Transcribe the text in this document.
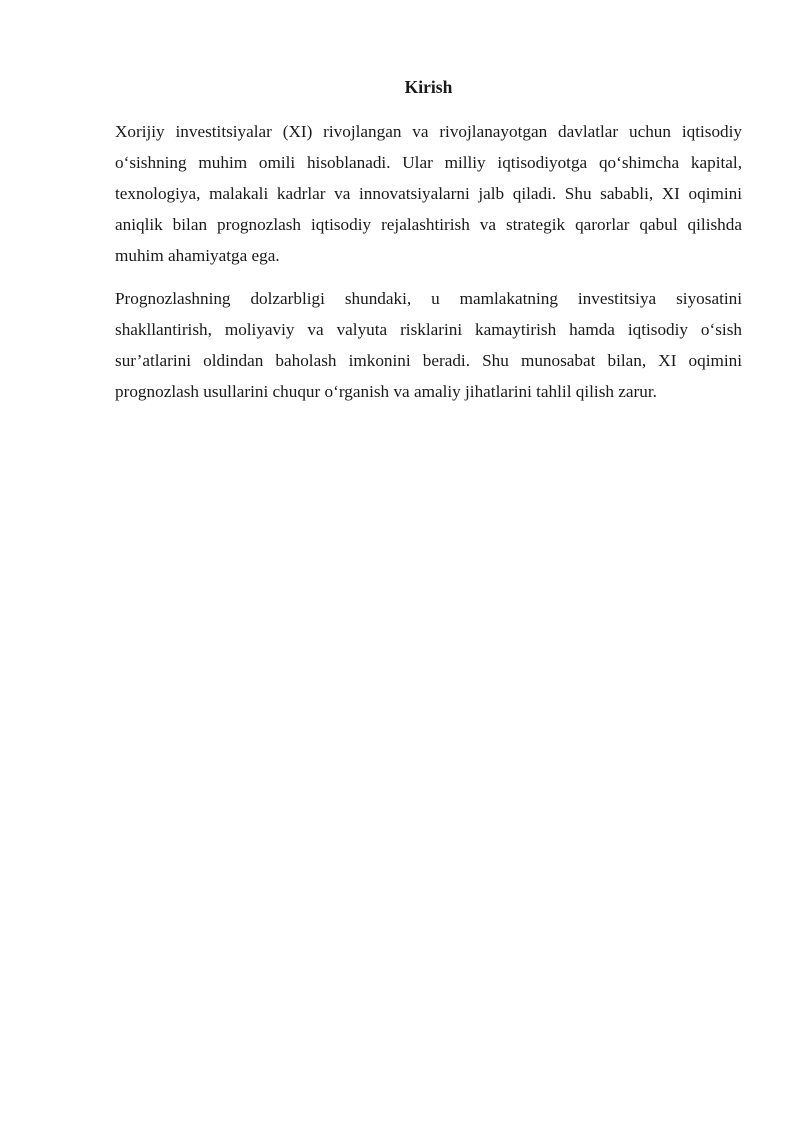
Kirish

Xorijiy investitsiyalar (XI) rivojlangan va rivojlanayotgan davlatlar uchun iqtisodiy o‘sishning muhim omili hisoblanadi. Ular milliy iqtisodiyotga qo‘shimcha kapital, texnologiya, malakali kadrlar va innovatsiyalarni jalb qiladi. Shu sababli, XI oqimini aniqlik bilan prognozlash iqtisodiy rejalashtirish va strategik qarorlar qabul qilishda muhim ahamiyatga ega.

Prognozlashning dolzarbligi shundaki, u mamlakatning investitsiya siyosatini shakllantirish, moliyaviy va valyuta risklarini kamaytirish hamda iqtisodiy o‘sish sur’atlarini oldindan baholash imkonini beradi. Shu munosabat bilan, XI oqimini prognozlash usullarini chuqur o‘rganish va amaliy jihatlarini tahlil qilish zarur.
